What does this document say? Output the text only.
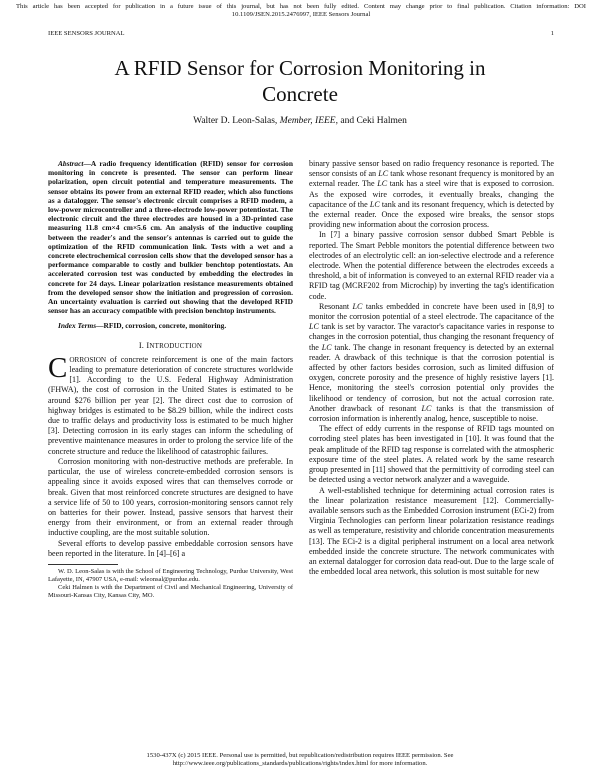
This article has been accepted for publication in a future issue of this journal, but has not been fully edited. Content may change prior to final publication. Citation information: DOI
10.1109/JSEN.2015.2476997, IEEE Sensors Journal
IEEE SENSORS JOURNAL	1
A RFID Sensor for Corrosion Monitoring in
Concrete
Walter D. Leon-Salas, Member, IEEE, and Ceki Halmen

Abstract—A radio frequency identification (RFID) sensor for corrosion monitoring in concrete is presented. The sensor can perform linear polarization, open circuit potential and temperature measurements. The sensor obtains its power from an external RFID reader, which also functions as a datalogger. The sensor's electronic circuit comprises a RFID modem, a low-power microcontroller and a three-electrode low-power potentiostat. The electronic circuit and the three electrodes are housed in a 3D-printed case measuring 11.8 cm×4 cm×5.6 cm. An analysis of the inductive coupling between the reader's and the sensor's antennas is carried out to guide the optimization of the RFID communication link. Tests with a wet and a concrete electrochemical corrosion cells show that the developed sensor has a performance comparable to costly and bulkier benchtop potentiostats. An accelerated corrosion test was conducted by embedding the electrodes in concrete for 24 days. Linear polarization resistance measurements obtained from the developed sensor show the initiation and progression of corrosion. An uncertainty evaluation is carried out showing that the developed RFID sensor has an accuracy compatible with precision benchtop instruments.

Index Terms—RFID, corrosion, concrete, monitoring.

I. INTRODUCTION

CORROSION of concrete reinforcement is one of the main factors leading to premature deterioration of concrete structures worldwide [1]. According to the U.S. Federal Highway Administration (FHWA), the cost of corrosion in the United States is estimated to be around $276 billion per year [2]. The direct cost due to corrosion of highway bridges is estimated to be $8.29 billion, while the indirect costs due to traffic delays and productivity loss is estimated to be much higher [3]. Detecting corrosion in its early stages can inform the scheduling of preventive maintenance measures in order to prolong the service life of the concrete structure and reduce the likelihood of catastrophic failures.

Corrosion monitoring with non-destructive methods are preferable. In particular, the use of wireless concrete-embedded corrosion sensors is appealing since it avoids exposed wires that can themselves corrode or break. Given that most reinforced concrete structures are designed to have a service life of 50 to 100 years, corrosion-monitoring sensors cannot rely on batteries for their power. Instead, passive sensors that harvest their energy from their environment, or from an external reader through inductive coupling, are the most suitable solution.

Several efforts to develop passive embeddable corrosion sensors have been reported in the literature. In [4]–[6] a

W. D. Leon-Salas is with the School of Engineering Technology, Purdue University, West Lafayette, IN, 47907 USA, e-mail: wleonsal@purdue.edu.

Ceki Halmen is with the Department of Civil and Mechanical Engineering, University of Missouri-Kansas City, Kansas City, MO.

binary passive sensor based on radio frequency resonance is reported. The sensor consists of an LC tank whose resonant frequency is monitored by an external reader. The LC tank has a steel wire that is exposed to corrosion. As the exposed wire corrodes, it eventually breaks, changing the capacitance of the LC tank and its resonant frequency, which is detected by the external reader. Once the exposed wire breaks, the sensor stops providing new information about the corrosion process.

In [7] a binary passive corrosion sensor dubbed Smart Pebble is reported. The Smart Pebble monitors the potential difference between two electrodes of an electrolytic cell: an ion-selective electrode and a reference electrode. When the potential difference between the electrodes exceeds a threshold, a bit of information is conveyed to an external RFID reader via a RFID tag (MCRF202 from Microchip) by inverting the tag's identification code.

Resonant LC tanks embedded in concrete have been used in [8,9] to monitor the corrosion potential of a steel electrode. The capacitance of the LC tank is set by varactor. The varactor's capacitance varies in response to changes in the corrosion potential, thus changing the resonant frequency of the LC tank. The change in resonant frequency is detected by an external reader. A drawback of this technique is that the corrosion potential is affected by other factors besides corrosion, such as limited diffusion of oxygen, concrete porosity and the presence of highly resistive layers [1]. Hence, monitoring the steel's corrosion potential only provides the likelihood or tendency of corrosion, but not the actual corrosion rate. Another drawback of resonant LC tanks is that the transmission of corrosion information is inherently analog, hence, susceptible to noise.

The effect of eddy currents in the response of RFID tags mounted on corroding steel plates has been investigated in [10]. It was found that the peak amplitude of the RFID tag response is correlated with the atmospheric exposure time of the steel plates. A related work by the same research group presented in [11] showed that the permittivity of corroding steel can be detected using a vector network analyzer and a waveguide.

A well-established technique for determining actual corrosion rates is the linear polarization resistance measurement [12]. Commercially-available sensors such as the Embedded Corrosion instrument (ECi-2) from Virginia Technologies can perform linear polarization resistance readings as well as temperature, resistivity and chloride concentration measurements [13]. The ECi-2 is a digital peripheral instrument on a local area network embedded inside the concrete structure. The network communicates with an external datalogger for corrosion data read-out. Due to the large scale of the embedded local area network, this solution is most suitable for new

1530-437X (c) 2015 IEEE. Personal use is permitted, but republication/redistribution requires IEEE permission. See
http://www.ieee.org/publications_standards/publications/rights/index.html for more information.
